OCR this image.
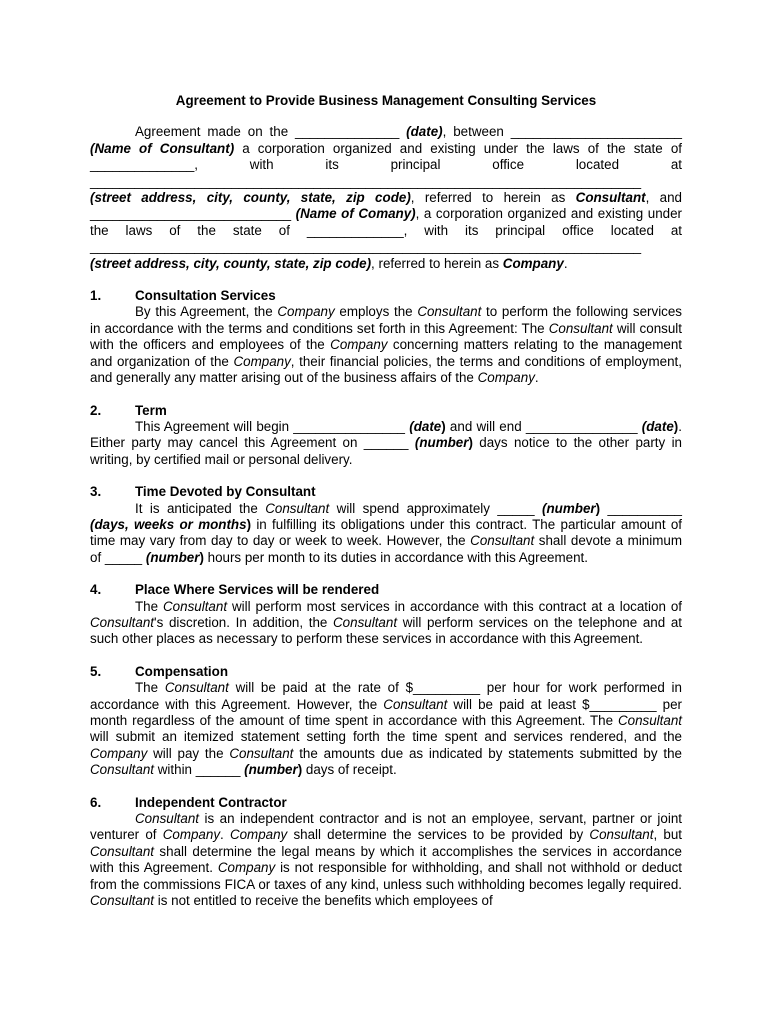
Agreement to Provide Business Management Consulting Services

Agreement made on the ______________ (date), between _______________________ (Name of Consultant) a corporation organized and existing under the laws of the state of ______________, with its principal office located at __________________________________________________________________________ (street address, city, county, state, zip code), referred to herein as Consultant, and ___________________________ (Name of Comany), a corporation organized and existing under the laws of the state of _____________, with its principal office located at __________________________________________________________________________ (street address, city, county, state, zip code), referred to herein as Company.

1.	Consultation Services

By this Agreement, the Company employs the Consultant to perform the following services in accordance with the terms and conditions set forth in this Agreement: The Consultant will consult with the officers and employees of the Company concerning matters relating to the management and organization of the Company, their financial policies, the terms and conditions of employment, and generally any matter arising out of the business affairs of the Company.

2.	Term

This Agreement will begin _______________ (date) and will end _______________ (date). Either party may cancel this Agreement on ______ (number) days notice to the other party in writing, by certified mail or personal delivery.

3.	Time Devoted by Consultant

It is anticipated the Consultant will spend approximately _____ (number) __________ (days, weeks or months) in fulfilling its obligations under this contract. The particular amount of time may vary from day to day or week to week. However, the Consultant shall devote a minimum of _____ (number) hours per month to its duties in accordance with this Agreement.

4.	Place Where Services will be rendered

The Consultant will perform most services in accordance with this contract at a location of Consultant's discretion. In addition, the Consultant will perform services on the telephone and at such other places as necessary to perform these services in accordance with this Agreement.

5.	Compensation

The Consultant will be paid at the rate of $_________ per hour for work performed in accordance with this Agreement. However, the Consultant will be paid at least $_________ per month regardless of the amount of time spent in accordance with this Agreement. The Consultant will submit an itemized statement setting forth the time spent and services rendered, and the Company will pay the Consultant the amounts due as indicated by statements submitted by the Consultant within ______ (number) days of receipt.

6.	Independent Contractor

Consultant is an independent contractor and is not an employee, servant, partner or joint venturer of Company. Company shall determine the services to be provided by Consultant, but Consultant shall determine the legal means by which it accomplishes the services in accordance with this Agreement. Company is not responsible for withholding, and shall not withhold or deduct from the commissions FICA or taxes of any kind, unless such withholding becomes legally required. Consultant is not entitled to receive the benefits which employees of
